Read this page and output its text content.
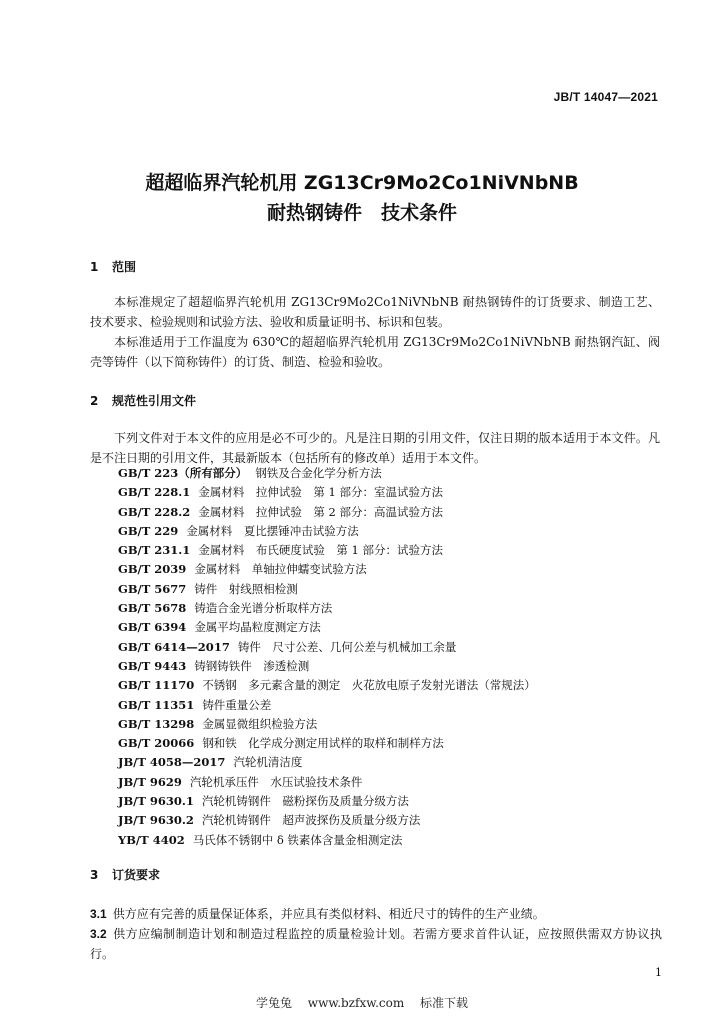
JB/T 14047—2021
超超临界汽轮机用 ZG13Cr9Mo2Co1NiVNbNB
耐热钢铸件　技术条件
1 范围

本标准规定了超超临界汽轮机用 ZG13Cr9Mo2Co1NiVNbNB 耐热钢铸件的订货要求、制造工艺、技术要求、检验规则和试验方法、验收和质量证明书、标识和包装。

本标准适用于工作温度为 630℃的超超临界汽轮机用 ZG13Cr9Mo2Co1NiVNbNB 耐热钢汽缸、阀壳等铸件（以下简称铸件）的订货、制造、检验和验收。

2 规范性引用文件

下列文件对于本文件的应用是必不可少的。凡是注日期的引用文件，仅注日期的版本适用于本文件。凡是不注日期的引用文件，其最新版本（包括所有的修改单）适用于本文件。

GB/T 223（所有部分） 钢铁及合金化学分析方法
GB/T 228.1 金属材料　拉伸试验　第 1 部分：室温试验方法
GB/T 228.2 金属材料　拉伸试验　第 2 部分：高温试验方法
GB/T 229 金属材料　夏比摆锤冲击试验方法
GB/T 231.1 金属材料　布氏硬度试验　第 1 部分：试验方法
GB/T 2039 金属材料　单轴拉伸蠕变试验方法
GB/T 5677 铸件　射线照相检测
GB/T 5678 铸造合金光谱分析取样方法
GB/T 6394 金属平均晶粒度测定方法
GB/T 6414—2017 铸件　尺寸公差、几何公差与机械加工余量
GB/T 9443 铸钢铸铁件　渗透检测
GB/T 11170 不锈钢　多元素含量的测定　火花放电原子发射光谱法（常规法）
GB/T 11351 铸件重量公差
GB/T 13298 金属显微组织检验方法
GB/T 20066 钢和铁　化学成分测定用试样的取样和制样方法
JB/T 4058—2017 汽轮机清洁度
JB/T 9629 汽轮机承压件　水压试验技术条件
JB/T 9630.1 汽轮机铸钢件　磁粉探伤及质量分级方法
JB/T 9630.2 汽轮机铸钢件　超声波探伤及质量分级方法
YB/T 4402 马氏体不锈钢中 δ 铁素体含量金相测定法
3 订货要求
3.1 供方应有完善的质量保证体系，并应具有类似材料、相近尺寸的铸件的生产业绩。
3.2 供方应编制制造计划和制造过程监控的质量检验计划。若需方要求首件认证，应按照供需双方协议执行。
1
学兔兔 www.bzfxw.com 标准下载
